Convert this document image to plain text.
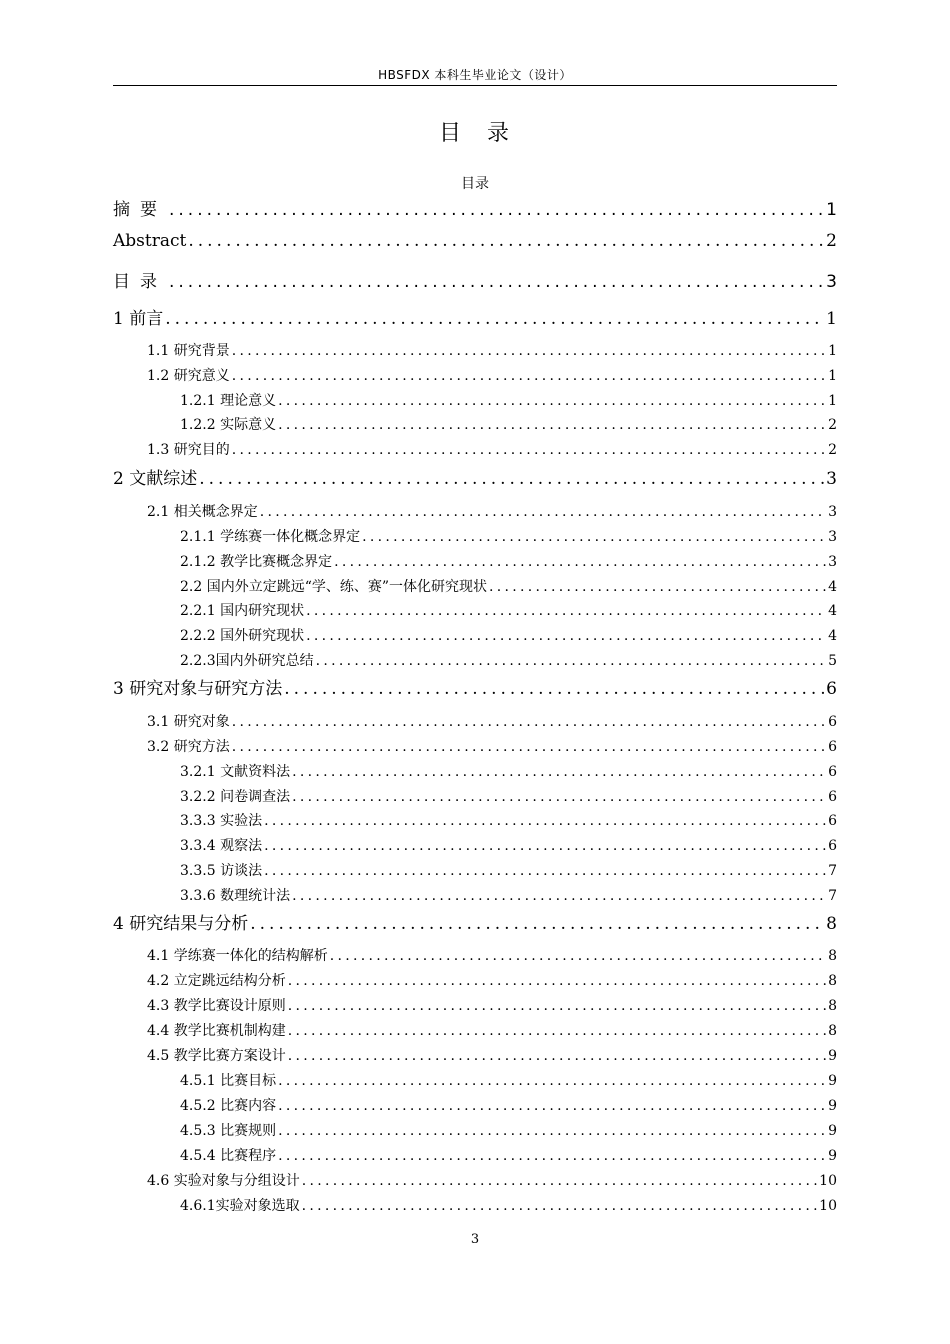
HBSFDX 本科生毕业论文（设计）
目　录
目录
摘要 .....	1
Abstract .....	2
目录 .....	3
1 前言 .....	1
1.1 研究背景 .....	1
1.2 研究意义 .....	1
1.2.1 理论意义 .....	1
1.2.2 实际意义 .....	2
1.3 研究目的 .....	2
2 文献综述 .....	3
2.1 相关概念界定 .....	3
2.1.1 学练赛一体化概念界定 .....	3
2.1.2 教学比赛概念界定 .....	3
2.2 国内外立定跳远“学、练、赛”一体化研究现状 .....	4
2.2.1 国内研究现状 .....	4
2.2.2 国外研究现状 .....	4
2.2.3国内外研究总结 .....	5
3 研究对象与研究方法 .....	6
3.1 研究对象 .....	6
3.2 研究方法 .....	6
3.2.1 文献资料法 .....	6
3.2.2 问卷调查法 .....	6
3.3.3 实验法 .....	6
3.3.4 观察法 .....	6
3.3.5 访谈法 .....	7
3.3.6 数理统计法 .....	7
4 研究结果与分析 .....	8
4.1 学练赛一体化的结构解析 .....	8
4.2 立定跳远结构分析 .....	8
4.3 教学比赛设计原则 .....	8
4.4 教学比赛机制构建 .....	8
4.5 教学比赛方案设计 .....	9
4.5.1 比赛目标 .....	9
4.5.2 比赛内容 .....	9
4.5.3 比赛规则 .....	9
4.5.4 比赛程序 .....	9
4.6 实验对象与分组设计 .....	10
4.6.1实验对象选取 .....	10
3
